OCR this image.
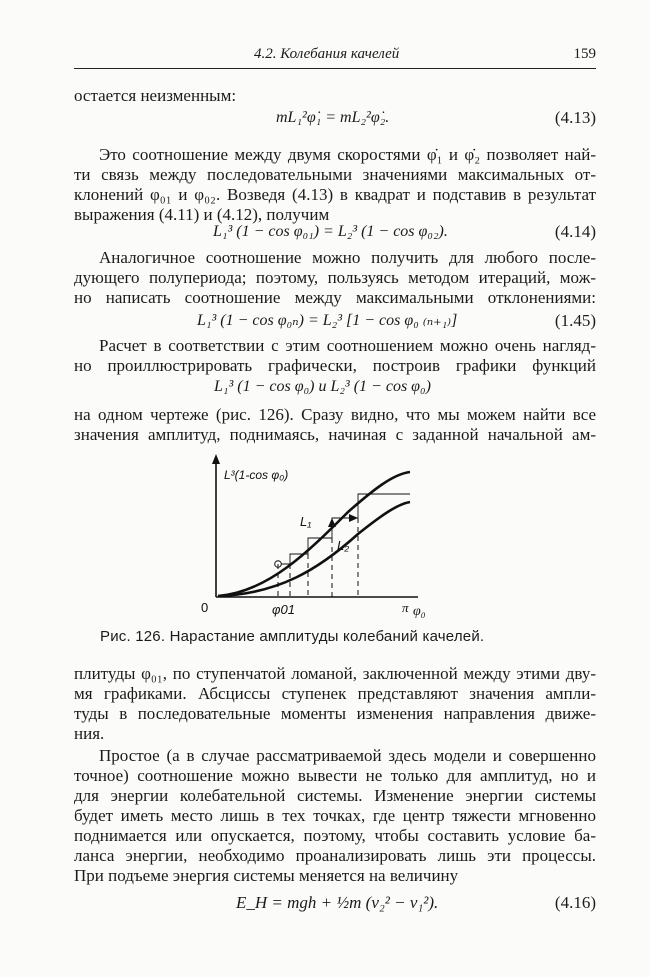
4.2. Колебания качелей	159
остается неизменным:
mL₁²φ̇₁ = mL₂²φ̇₂.	(4.13)
Это соотношение между двумя скоростями φ̇₁ и φ̇₂ позволяет най-
ти связь между последовательными значениями максимальных от-
клонений φ₀₁ и φ₀₂. Возведя (4.13) в квадрат и подставив в результат
выражения (4.11) и (4.12), получим
L₁³ (1 − cos φ₀₁) = L₂³ (1 − cos φ₀₂).	(4.14)
Аналогичное соотношение можно получить для любого после-
дующего полупериода; поэтому, пользуясь методом итераций, мож-
но написать соотношение между максимальными отклонениями:
L₁³ (1 − cos φ₀ₙ) = L₂³ [1 − cos φ₀ ₍ₙ₊₁₎]	(1.45)
Расчет в соответствии с этим соотношением можно очень нагляд-
но проиллюстрировать графически, построив графики функций
L₁³ (1 − cos φ₀) и L₂³ (1 − cos φ₀)
на одном чертеже (рис. 126). Сразу видно, что мы можем найти все
значения амплитуд, поднимаясь, начиная с заданной начальной ам-
L³(1-cos φ₀)
L₁
L₂
0	φ01	π φ₀
Рис. 126. Нарастание амплитуды колебаний качелей.
плитуды φ₀₁, по ступенчатой ломаной, заключенной между этими дву-
мя графиками. Абсциссы ступенек представляют значения ампли-
туды в последовательные моменты изменения направления движе-
ния.
Простое (а в случае рассматриваемой здесь модели и совершенно
точное) соотношение можно вывести не только для амплитуд, но и
для энергии колебательной системы. Изменение энергии системы
будет иметь место лишь в тех точках, где центр тяжести мгновенно
поднимается или опускается, поэтому, чтобы составить условие ба-
ланса энергии, необходимо проанализировать лишь эти процессы.
При подъеме энергия системы меняется на величину
E_H = mgh + ½m (v₂² − v₁²).	(4.16)
